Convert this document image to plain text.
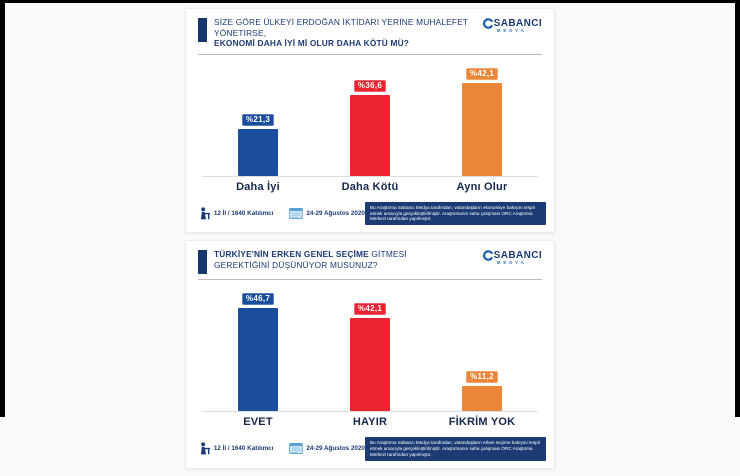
SİZE GÖRE ÜLKEYİ ERDOĞAN İKTİDARI YERİNE MUHALEFET YÖNETİRSE,
EKONOMİ DAHA İYİ Mİ OLUR DAHA KÖTÜ MÜ?
SABANCI
MEDYA
%21,3
%36,6
%42,1
Daha İyi	Daha Kötü	Aynı Olur
12 İl / 1640 Katılımcı	24-29 Ağustos 2020
Bu Araştırma Sabancı Medya tarafından, vatandaşların ekonomiye bakışını tespit etmek amacıyla gerçekleştirilmiştir. Araştırmanın saha çalışması ORC Araştırma Merkezi tarafından yapılmıştır.
TÜRKİYE'NİN ERKEN GENEL SEÇİME GİTMESİ
GEREKTİĞİNİ DÜŞÜNÜYOR MUSUNUZ?
SABANCI
MEDYA
%46,7
%42,1
%11,2
EVET	HAYIR	FİKRİM YOK
12 İl / 1640 Katılımcı	24-29 Ağustos 2020
Bu Araştırma Sabancı Medya tarafından, vatandaşların erken seçime bakışını tespit etmek amacıyla gerçekleştirilmiştir. Araştırmanın saha çalışması ORC Araştırma Merkezi tarafından yapılmıştır.
